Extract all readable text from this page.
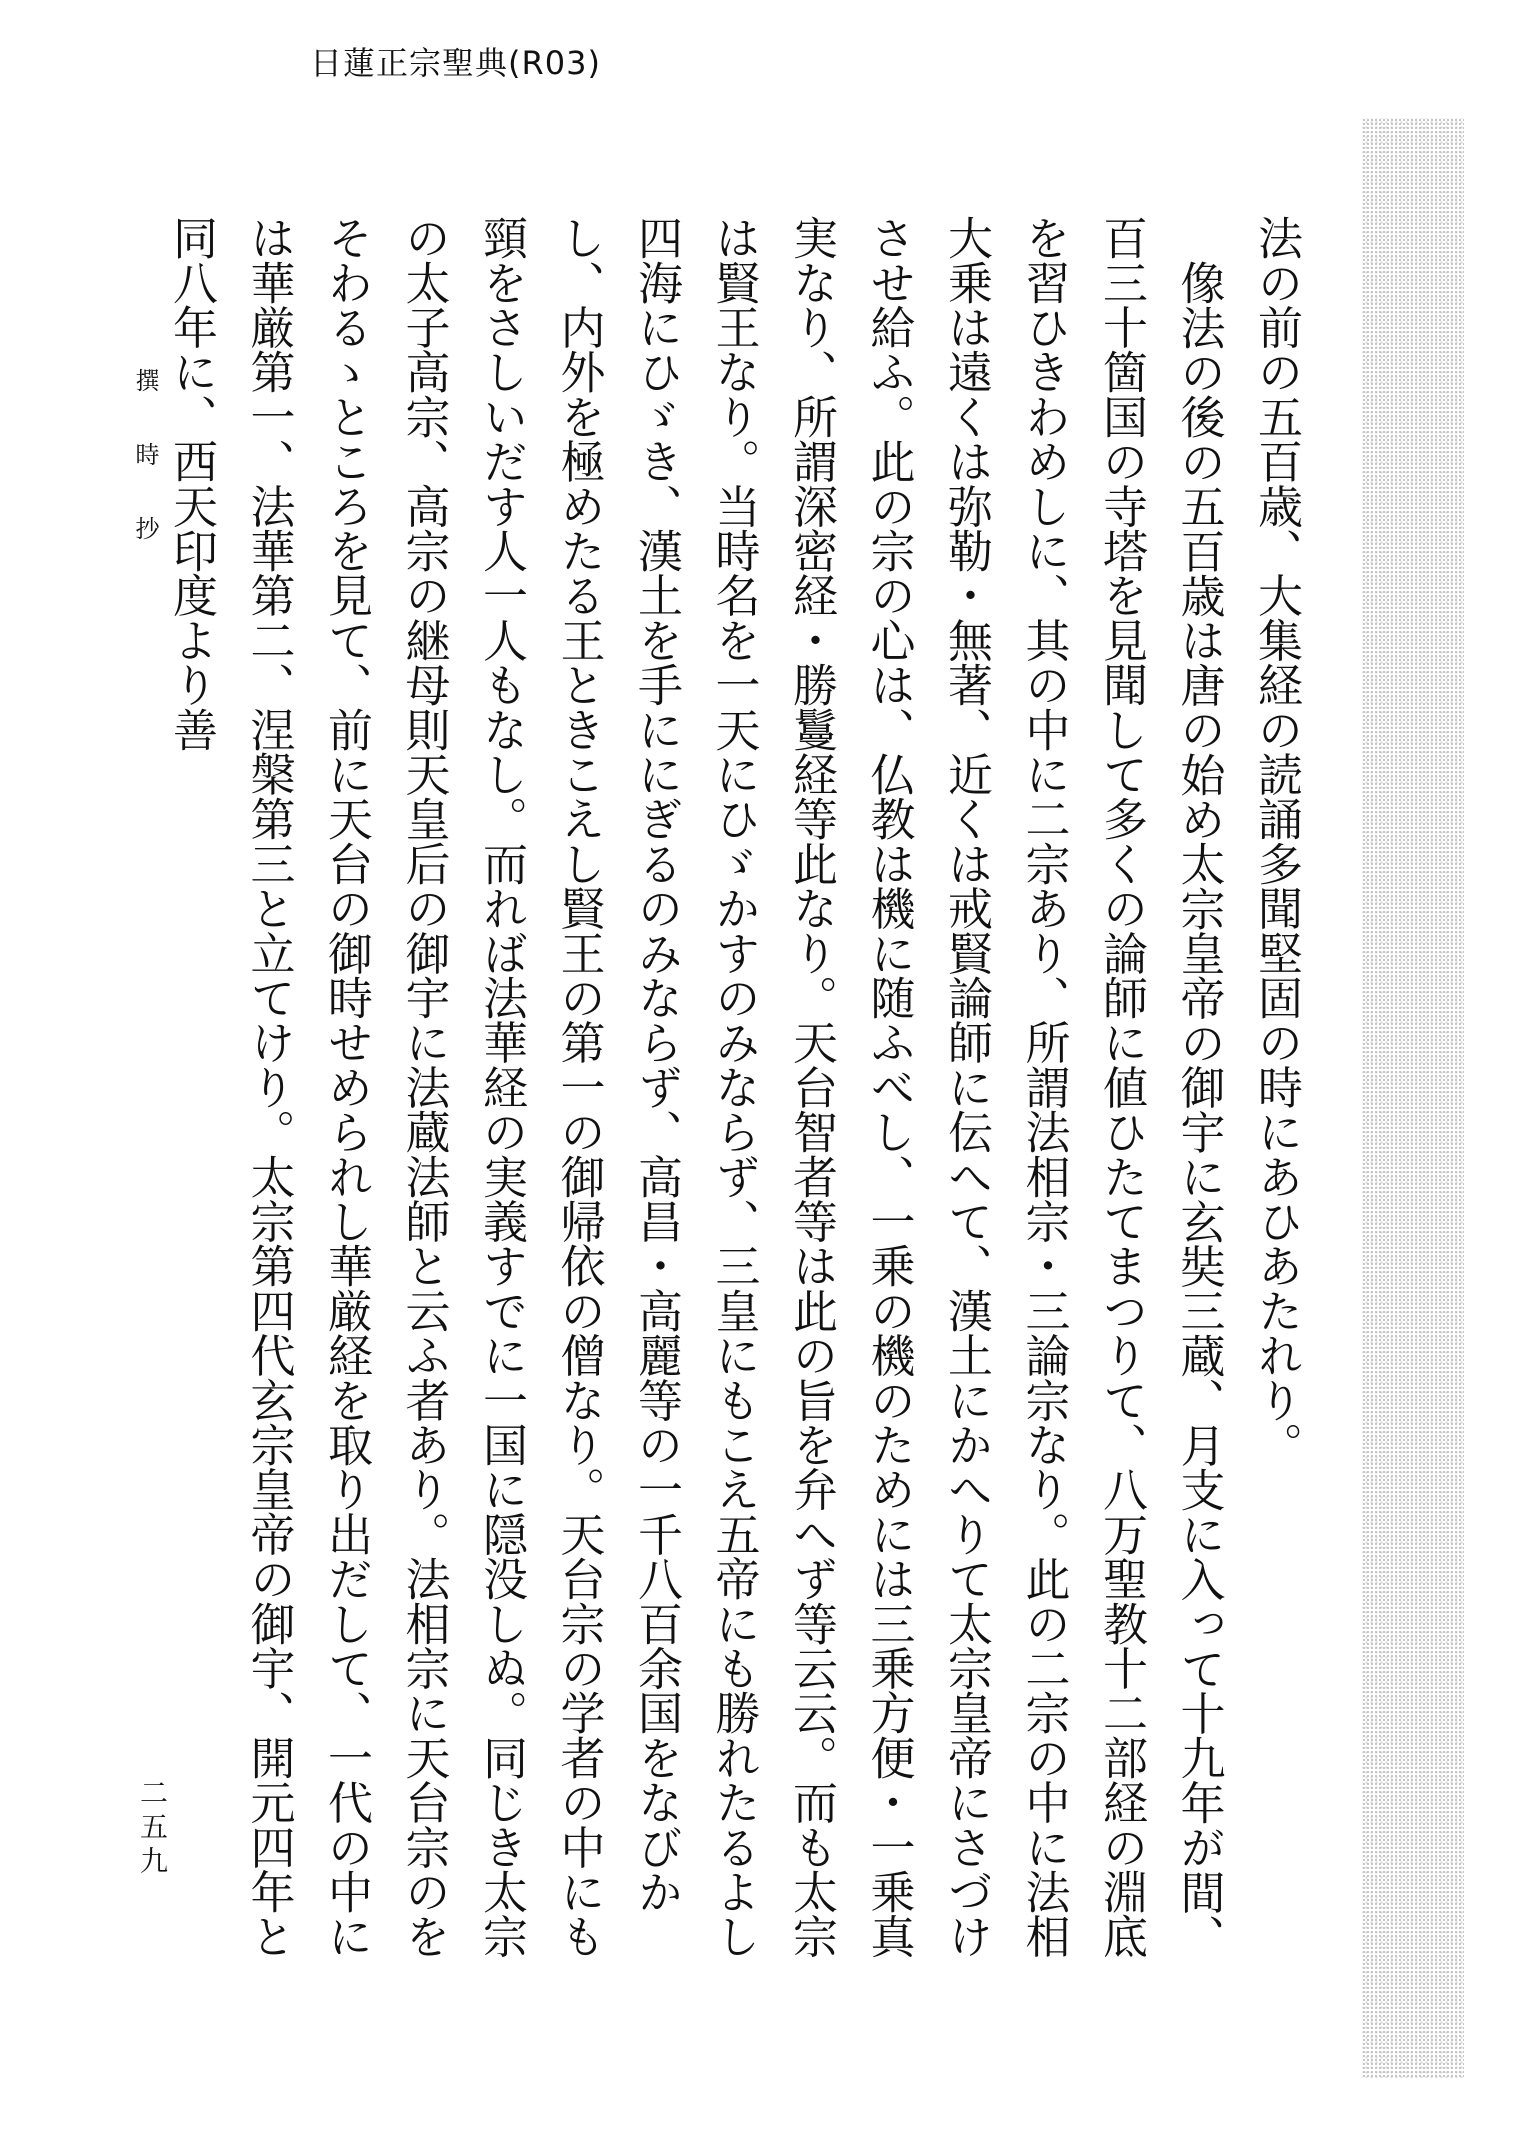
日蓮正宗聖典(R03)

法の前の五百歳、大集経の読誦多聞堅固の時にあひあたれり。

像法の後の五百歳は唐の始め太宗皇帝の御宇に玄奘三蔵、月支に入って十九年が間、百三十箇国の寺塔を見聞して多くの論師に値ひたてまつりて、八万聖教十二部経の淵底を習ひきわめしに、其の中に二宗あり、所謂法相宗・三論宗なり。此の二宗の中に法相大乗は遠くは弥勒・無著、近くは戒賢論師に伝へて、漢土にかへりて太宗皇帝にさづけさせ給ふ。此の宗の心は、仏教は機に随ふべし、一乗の機のためには三乗方便・一乗真実なり、所謂深密経・勝鬘経等此なり。天台智者等は此の旨を弁へず等云云。而も太宗は賢王なり。当時名を一天にひゞかすのみならず、三皇にもこえ五帝にも勝れたるよし四海にひゞき、漢土を手ににぎるのみならず、高昌・高麗等の一千八百余国をなびかし、内外を極めたる王ときこえし賢王の第一の御帰依の僧なり。天台宗の学者の中にも頸をさしいだす人一人もなし。而れば法華経の実義すでに一国に隠没しぬ。同じき太宗の太子高宗、高宗の継母則天皇后の御宇に法蔵法師と云ふ者あり。法相宗に天台宗のをそわるゝところを見て、前に天台の御時せめられし華厳経を取り出だして、一代の中には華厳第一、法華第二、涅槃第三と立てけり。太宗第四代玄宗皇帝の御宇、開元四年と同八年に、西天印度より善

撰時抄
二五九
